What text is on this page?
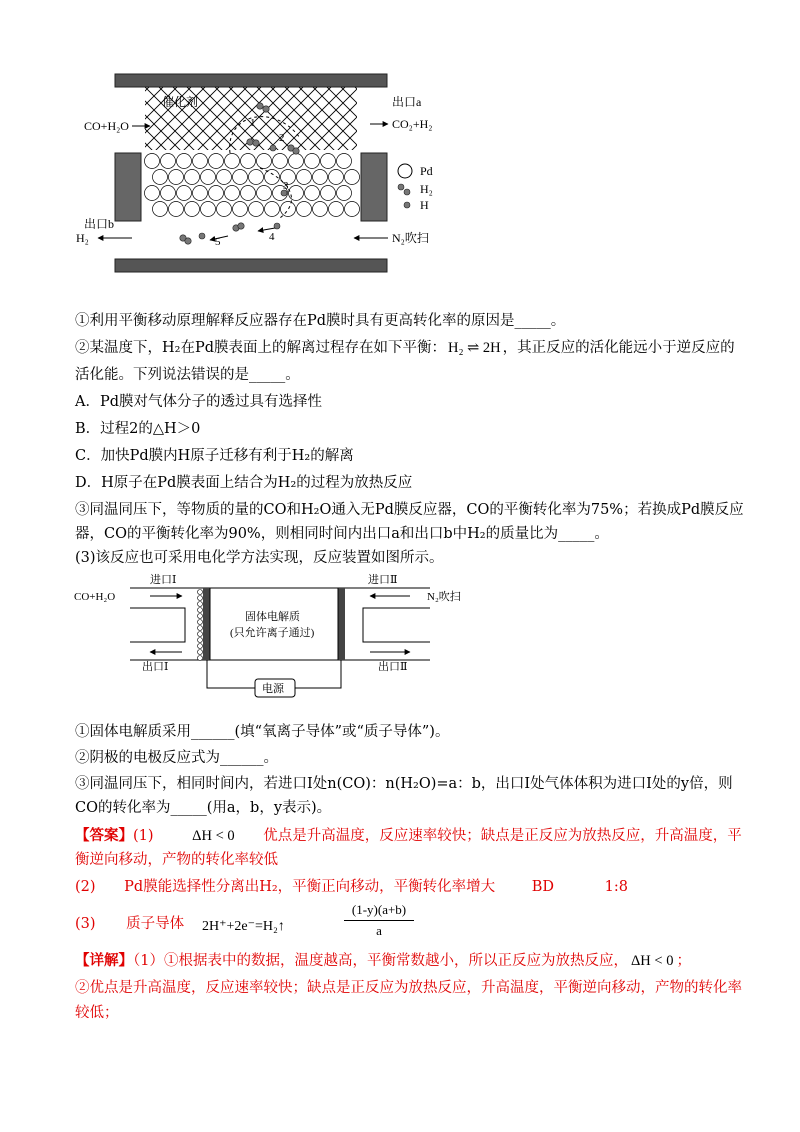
催化剂	出口a
CO+H₂O	CO₂+H₂
出口b
H₂	N₂吹扫
Pd
H₂
H
1
2
3
4
5
①利用平衡移动原理解释反应器存在Pd膜时具有更高转化率的原因是_____。
②某温度下，H₂在Pd膜表面上的解离过程存在如下平衡： H₂ ⇌ 2H ，其正反应的活化能远小于逆反应的
活化能。下列说法错误的是_____。
A．Pd膜对气体分子的透过具有选择性
B．过程2的△H＞0
C．加快Pd膜内H原子迁移有利于H₂的解离
D．H原子在Pd膜表面上结合为H₂的过程为放热反应
③同温同压下，等物质的量的CO和H₂O通入无Pd膜反应器，CO的平衡转化率为75%；若换成Pd膜反应
器，CO的平衡转化率为90%，则相同时间内出口a和出口b中H₂的质量比为_____。
(3)该反应也可采用电化学方法实现，反应装置如图所示。
进口Ⅰ	进口Ⅱ
CO+H₂O	N₂吹扫
固体电解质
(只允许离子通过)
出口Ⅰ	出口Ⅱ
电源
①固体电解质采用______(填“氧离子导体”或“质子导体”)。
②阴极的电极反应式为______。
③同温同压下，相同时间内，若进口Ⅰ处n(CO)：n(H₂O)=a：b，出口Ⅰ处气体体积为进口Ⅰ处的y倍，则
CO的转化率为_____(用a，b，y表示)。
【答案】(1)	ΔH < 0 优点是升高温度，反应速率较快；缺点是正反应为放热反应，升高温度，平
衡逆向移动，产物的转化率较低
(2) Pd膜能选择性分离出H₂，平衡正向移动，平衡转化率增大	BD	1:8
(3) 质子导体 2H⁺+2e⁻=H₂↑	$\frac{(1-y)(a+b)}{a}$
【详解】（1）①根据表中的数据，温度越高，平衡常数越小，所以正反应为放热反应， ΔH < 0 ；
②优点是升高温度，反应速率较快；缺点是正反应为放热反应，升高温度，平衡逆向移动，产物的转化率
较低；
